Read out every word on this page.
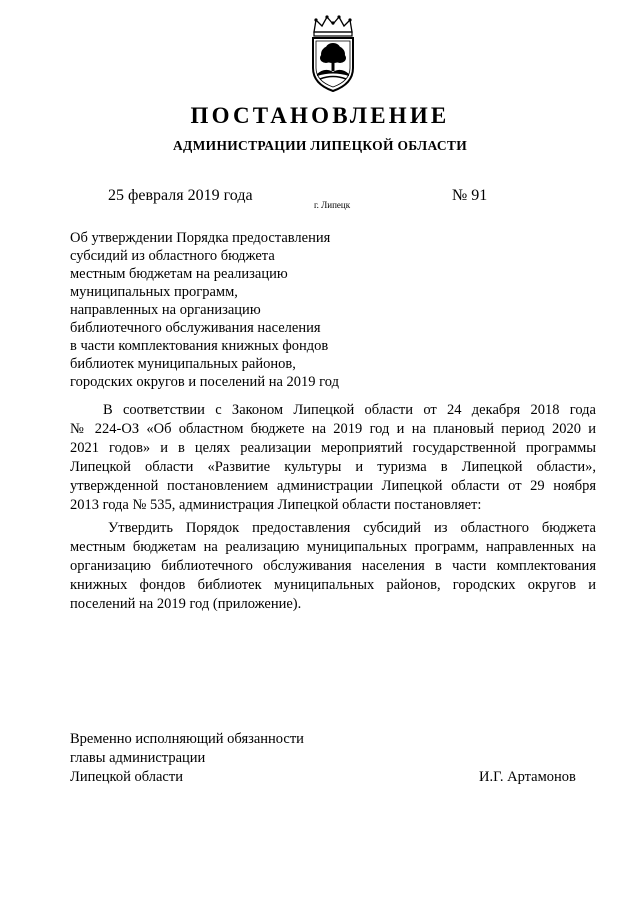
ПОСТАНОВЛЕНИЕ
АДМИНИСТРАЦИИ ЛИПЕЦКОЙ ОБЛАСТИ
25 февраля 2019 года
г. Липецк
№ 91
Об утверждении Порядка предоставления
субсидий из областного бюджета
местным бюджетам на реализацию
муниципальных программ,
направленных на организацию
библиотечного обслуживания населения
в части комплектования книжных фондов
библиотек муниципальных районов,
городских округов и поселений на 2019 год
В соответствии с Законом Липецкой области от 24 декабря 2018 года
№ 224-ОЗ «Об областном бюджете на 2019 год и на плановый период 2020 и
2021 годов» и в целях реализации мероприятий государственной программы
Липецкой области «Развитие культуры и туризма в Липецкой области»,
утвержденной постановлением администрации Липецкой области от 29 ноября
2013 года № 535, администрация Липецкой области постановляет:
Утвердить Порядок предоставления субсидий из областного бюджета
местным бюджетам на реализацию муниципальных программ, направленных на
организацию библиотечного обслуживания населения в части комплектования
книжных фондов библиотек муниципальных районов, городских округов и
поселений на 2019 год (приложение).
Временно исполняющий обязанности
главы администрации
Липецкой области	И.Г. Артамонов
